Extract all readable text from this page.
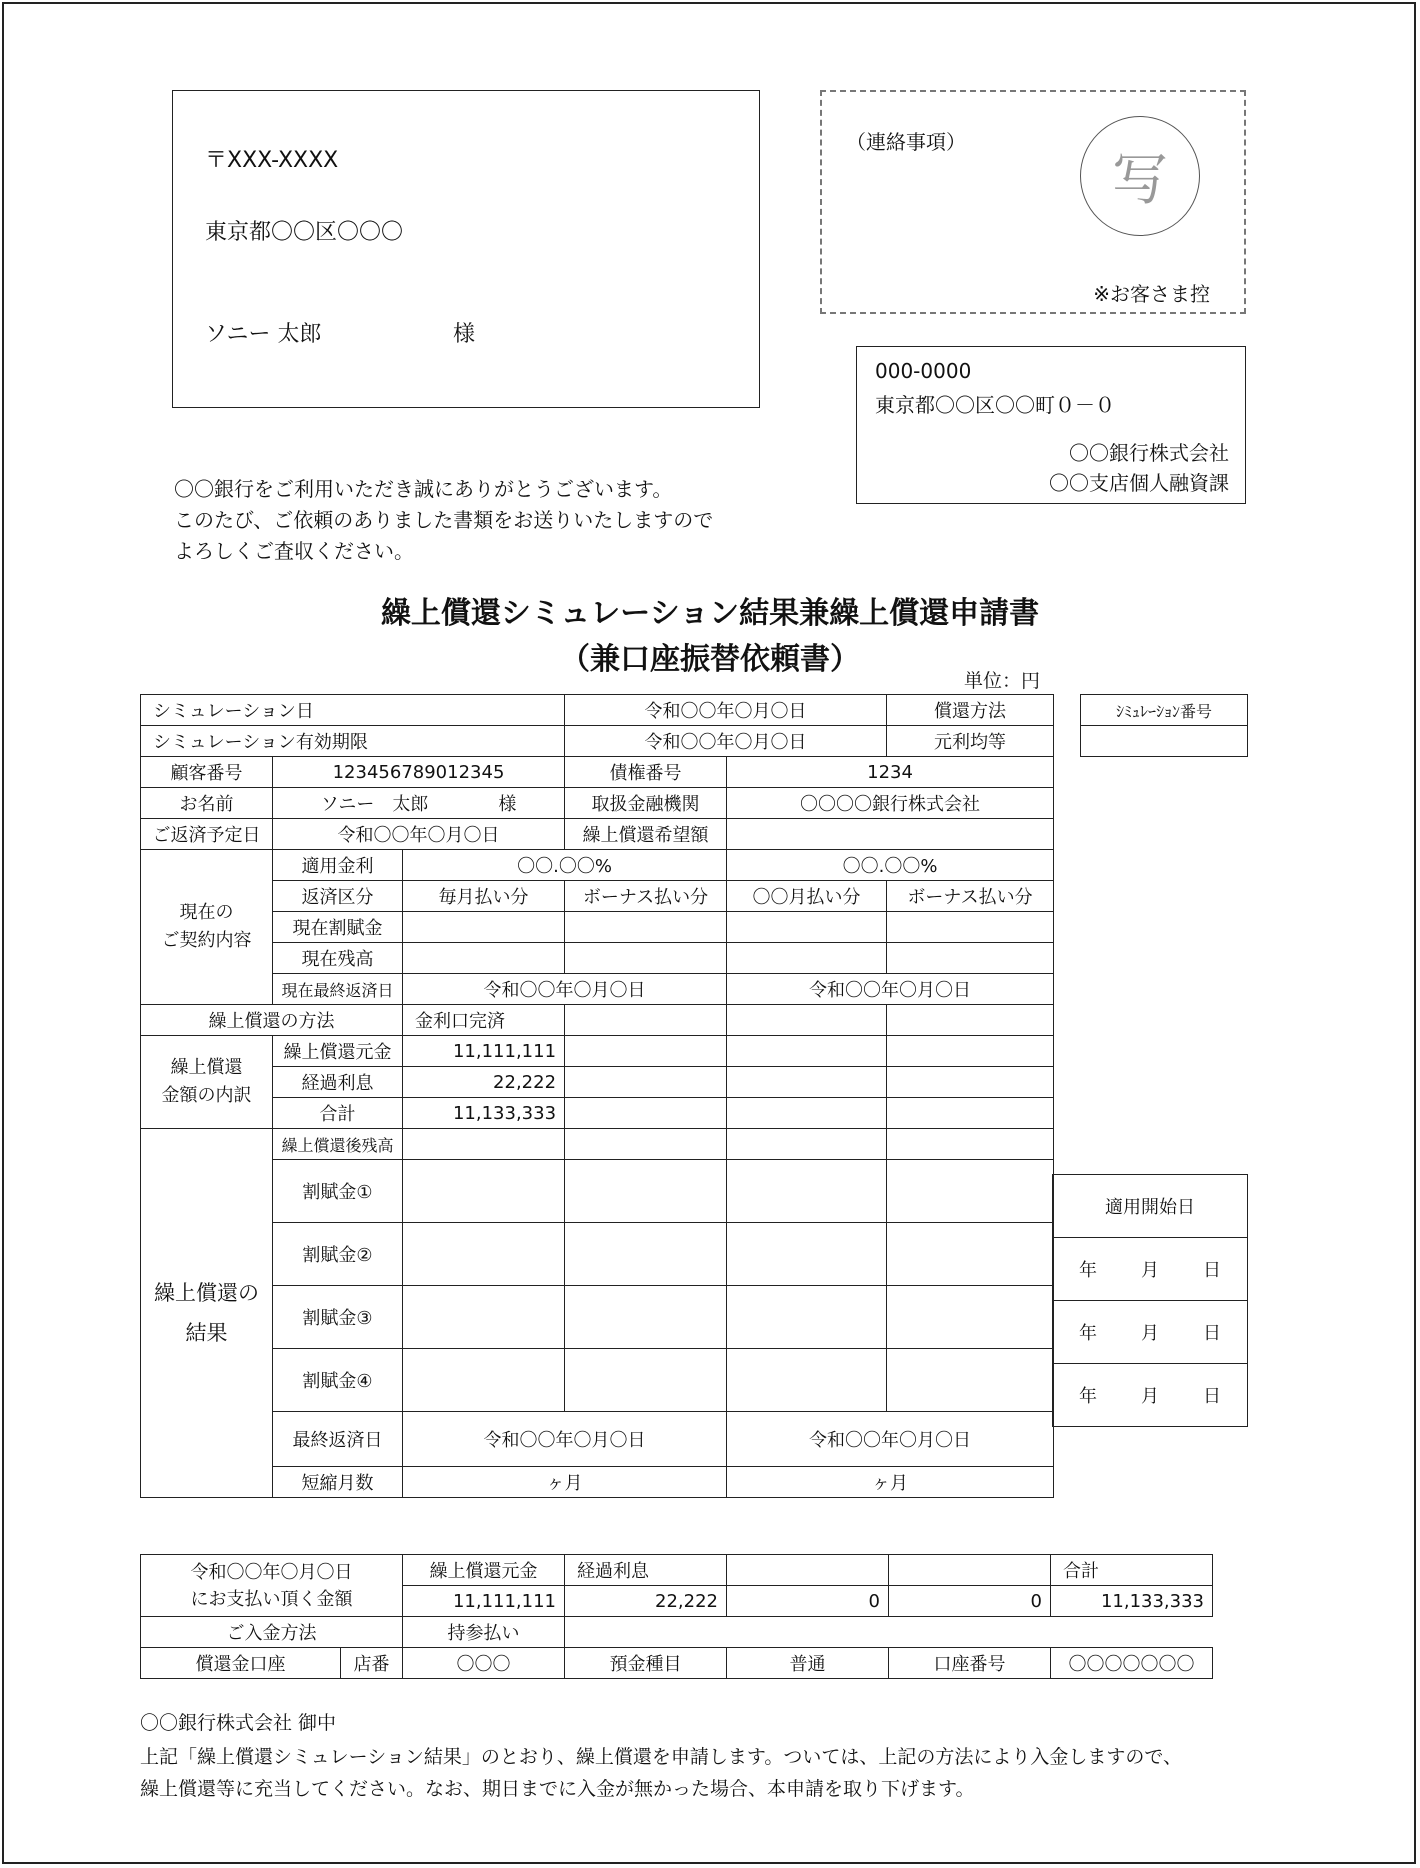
〒XXX-XXXX
東京都〇〇区〇〇〇
ソニー 太郎	様
（連絡事項）
写
※お客さま控
000-0000
東京都〇〇区〇〇町０－０
〇〇銀行株式会社
〇〇支店個人融資課
〇〇銀行をご利用いただき誠にありがとうございます。
このたび、ご依頼のありました書類をお送りいたしますので
よろしくご査収ください。
繰上償還シミュレーション結果兼繰上償還申請書
（兼口座振替依頼書）
単位：円
ｼﾐｭﾚｰｼｮﾝ番号

シミュレーション日			令和〇〇年〇月〇日		償還方法
シミュレーション有効期限			令和〇〇年〇月〇日		元利均等
顧客番号	123456789012345		債権番号	1234	
お名前	ソニー　太郎 様		取扱金融機関	〇〇〇〇銀行株式会社	
ご返済予定日	令和〇〇年〇月〇日		繰上償還希望額		
現在の
ご契約内容	適用金利	〇〇.〇〇%		〇〇.〇〇%	
	返済区分	毎月払い分	ボーナス払い分	〇〇月払い分	ボーナス払い分
	現在割賦金				
	現在残高				
	現在最終返済日	令和〇〇年〇月〇日		令和〇〇年〇月〇日	
繰上償還の方法		金利口完済			
繰上償還
金額の内訳	繰上償還元金	11,111,111			
	経過利息	22,222			
	合計	11,133,333			
繰上償還の
結果	繰上償還後残高				
	割賦金①				
	割賦金②				
	割賦金③				
	割賦金④				
	最終返済日	令和〇〇年〇月〇日		令和〇〇年〇月〇日	
	短縮月数	ヶ月		ヶ月	
適用開始日
年 月 日
年 月 日
年 月 日
令和〇〇年〇月〇日
にお支払い頂く金額		繰上償還元金	経過利息			合計
		11,111,111	22,222	0	0	11,133,333
ご入金方法		持参払い				
償還金口座	店番	〇〇〇	預金種目	普通	口座番号	〇〇〇〇〇〇〇
〇〇銀行株式会社 御中
上記「繰上償還シミュレーション結果」のとおり、繰上償還を申請します。ついては、上記の方法により入金しますので、
繰上償還等に充当してください。なお、期日までに入金が無かった場合、本申請を取り下げます。
